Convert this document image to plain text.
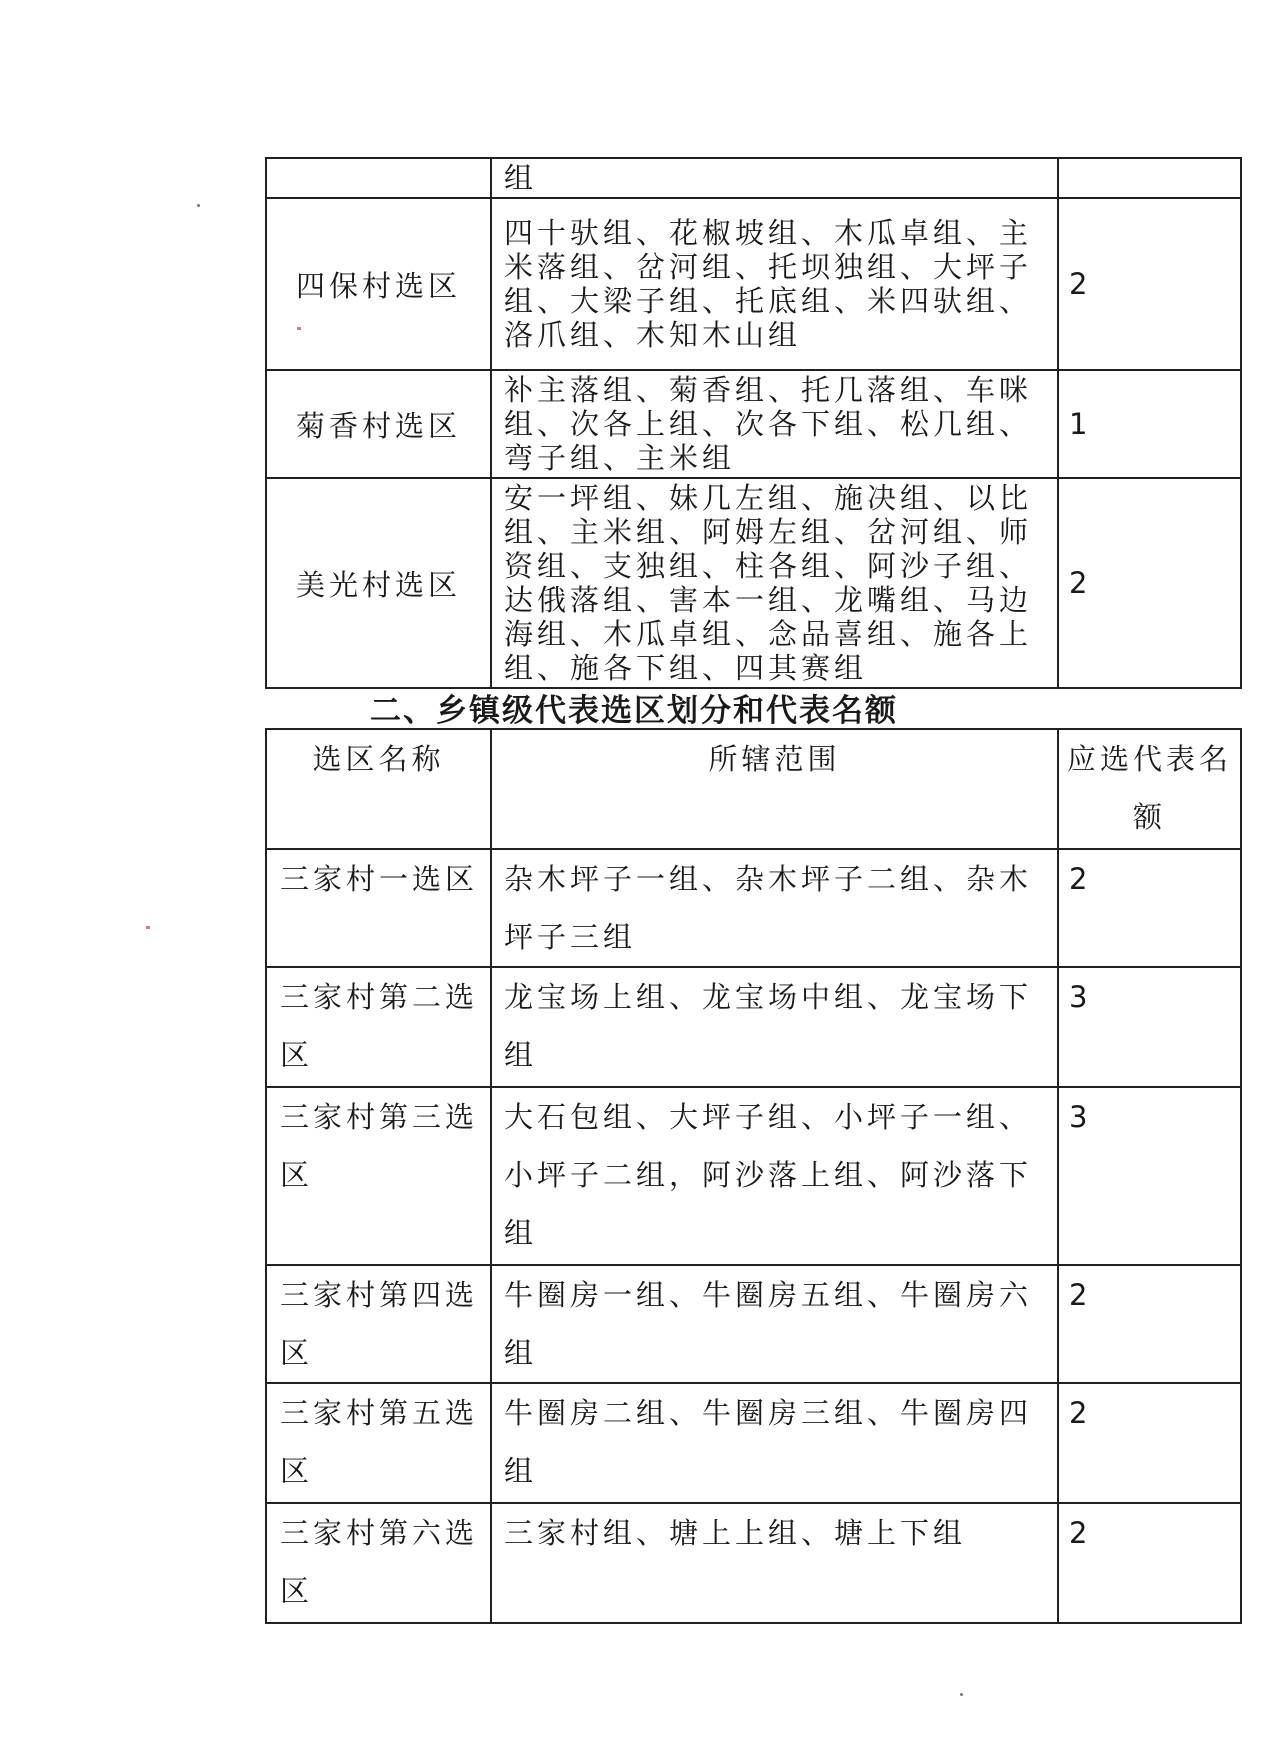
	组	
四保村选区	四十驮组、花椒坡组、木瓜卓组、主米落组、岔河组、托坝独组、大坪子组、大梁子组、托底组、米四驮组、洛爪组、木知木山组	2
菊香村选区	补主落组、菊香组、托几落组、车咪组、次各上组、次各下组、松几组、弯子组、主米组	1
美光村选区	安一坪组、妹几左组、施决组、以比组、主米组、阿姆左组、岔河组、师资组、支独组、柱各组、阿沙子组、达俄落组、害本一组、龙嘴组、马边海组、木瓜卓组、念品喜组、施各上组、施各下组、四其赛组	2
二、乡镇级代表选区划分和代表名额
选区名称	所辖范围	应选代表名额
三家村一选区	杂木坪子一组、杂木坪子二组、杂木坪子三组	2
三家村第二选区	龙宝场上组、龙宝场中组、龙宝场下组	3
三家村第三选区	大石包组、大坪子组、小坪子一组、小坪子二组，阿沙落上组、阿沙落下组	3
三家村第四选区	牛圈房一组、牛圈房五组、牛圈房六组	2
三家村第五选区	牛圈房二组、牛圈房三组、牛圈房四组	2
三家村第六选区	三家村组、塘上上组、塘上下组	2
